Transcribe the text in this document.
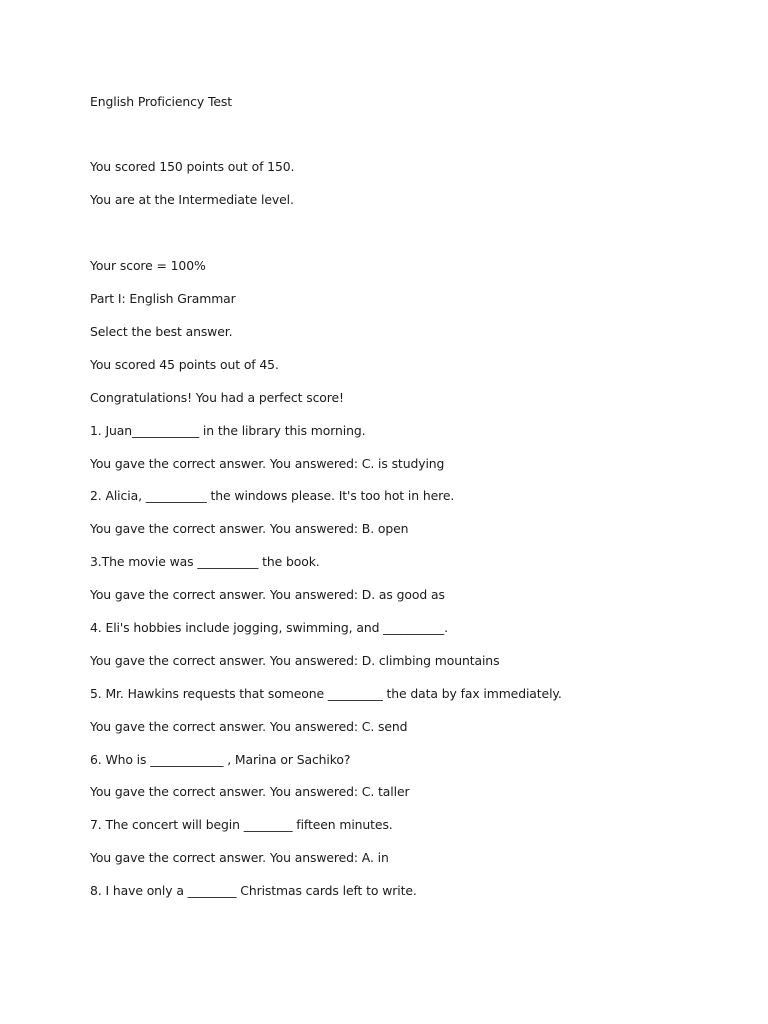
English Proficiency Test
You scored 150 points out of 150.
You are at the Intermediate level.
Your score = 100%
Part I: English Grammar
Select the best answer.
You scored 45 points out of 45.
Congratulations! You had a perfect score!
1. Juan___________ in the library this morning.
You gave the correct answer. You answered: C. is studying
2. Alicia, __________ the windows please. It's too hot in here.
You gave the correct answer. You answered: B. open
3.The movie was __________ the book.
You gave the correct answer. You answered: D. as good as
4. Eli's hobbies include jogging, swimming, and __________.
You gave the correct answer. You answered: D. climbing mountains
5. Mr. Hawkins requests that someone _________ the data by fax immediately.
You gave the correct answer. You answered: C. send
6. Who is ____________ , Marina or Sachiko?
You gave the correct answer. You answered: C. taller
7. The concert will begin ________ fifteen minutes.
You gave the correct answer. You answered: A. in
8. I have only a ________ Christmas cards left to write.
